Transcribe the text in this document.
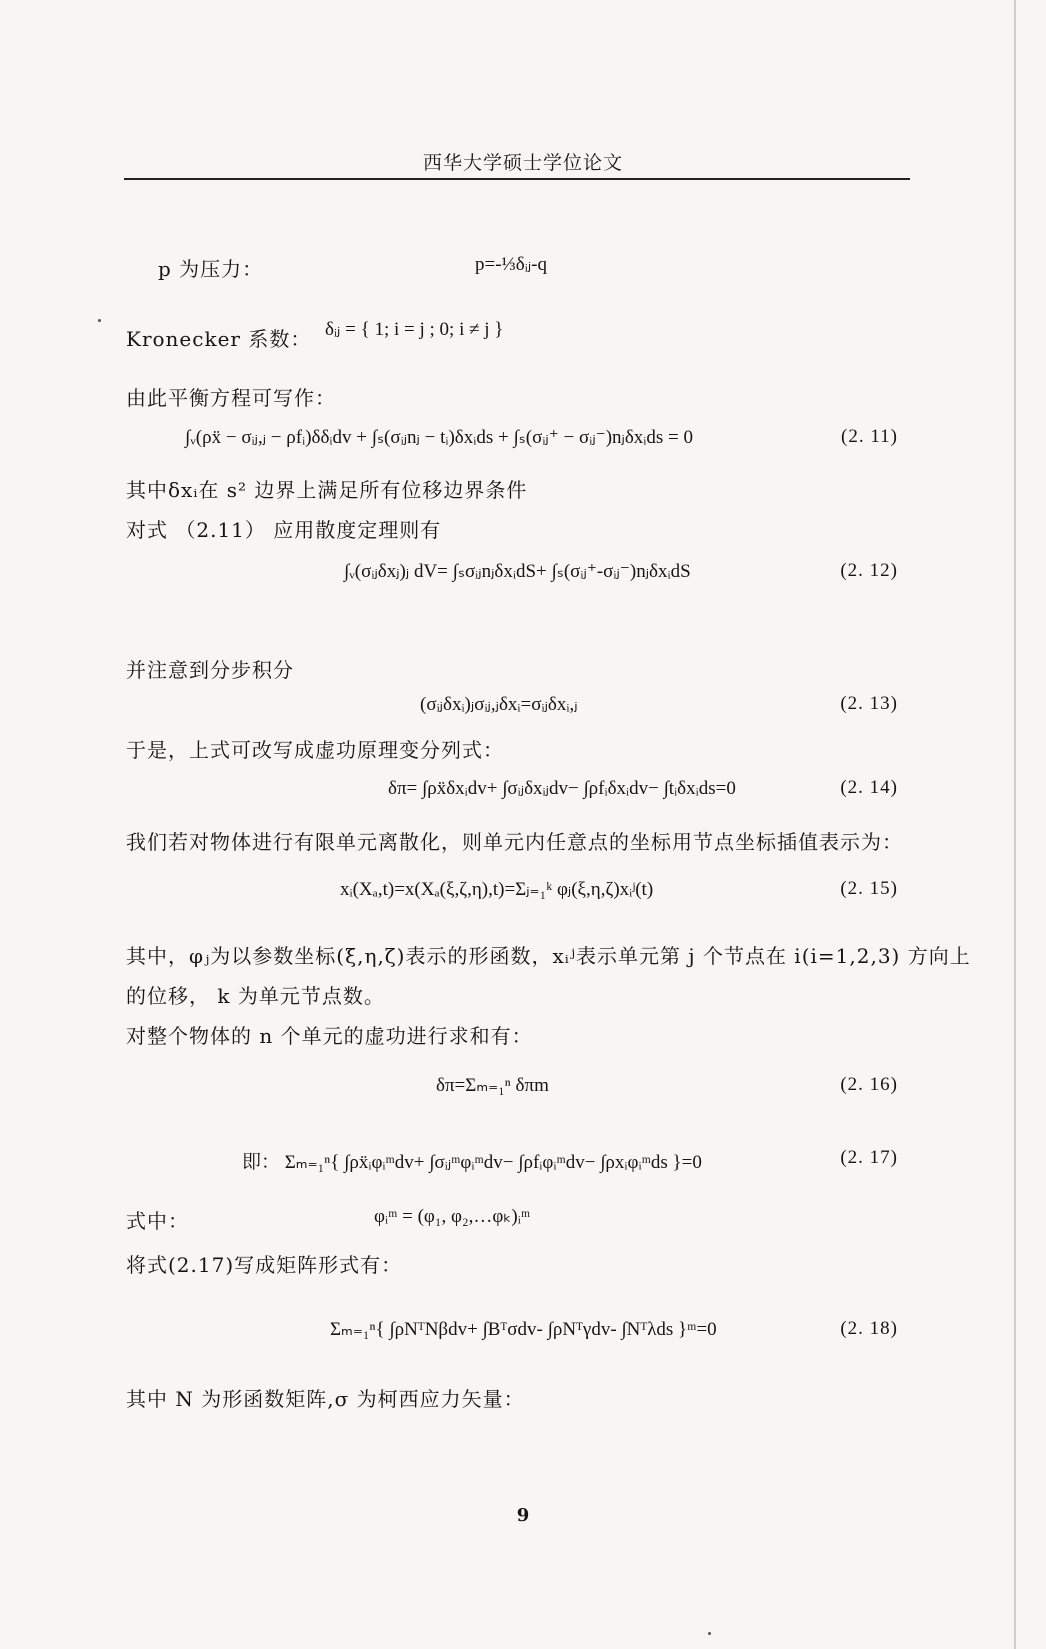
西华大学硕士学位论文
p 为压力：	p=-⅓δᵢⱼ-q
Kronecker 系数： δᵢⱼ = { 1; i = j ; 0; i ≠ j }
由此平衡方程可写作：
∫ᵥ(ρẍ − σᵢⱼ,ⱼ − ρfᵢ)δδᵢdv + ∫ₛ(σᵢⱼnⱼ − tᵢ)δxᵢds + ∫ₛ(σᵢⱼ⁺ − σᵢⱼ⁻)nⱼδxᵢds = 0	(2. 11)
其中δxᵢ在 s² 边界上满足所有位移边界条件
对式 （2.11） 应用散度定理则有
∫ᵥ(σᵢⱼδxⱼ)ⱼ dV= ∫ₛσᵢⱼnⱼδxᵢdS+ ∫ₛ(σᵢⱼ⁺-σᵢⱼ⁻)nⱼδxᵢdS	(2. 12)
并注意到分步积分
(σᵢⱼδxᵢ)ⱼσᵢⱼ,ⱼδxᵢ=σᵢⱼδxᵢ,ⱼ	(2. 13)
于是，上式可改写成虚功原理变分列式：
δπ= ∫ρẍδxᵢdv+ ∫σᵢⱼδxᵢⱼdv− ∫ρfᵢδxᵢdv− ∫tᵢδxᵢds=0	(2. 14)
我们若对物体进行有限单元离散化，则单元内任意点的坐标用节点坐标插值表示为：
xᵢ(Xₐ,t)=x(Xₐ(ξ,ζ,η),t)=Σⱼ₌₁ᵏ φⱼ(ξ,η,ζ)xᵢʲ(t)	(2. 15)
其中，φⱼ为以参数坐标(ξ,η,ζ)表示的形函数，xᵢʲ表示单元第 j 个节点在 i(i=1,2,3) 方向上
的位移， k 为单元节点数。
对整个物体的 n 个单元的虚功进行求和有：
δπ=Σₘ₌₁ⁿ δπm	(2. 16)
即： Σₘ₌₁ⁿ{ ∫ρẍᵢφᵢᵐdv+ ∫σᵢⱼᵐφᵢᵐdv− ∫ρfᵢφᵢᵐdv− ∫ρxᵢφᵢᵐds }=0	(2. 17)
式中：	φᵢᵐ = (φ₁, φ₂,…φₖ)ᵢᵐ
将式(2.17)写成矩阵形式有：
Σₘ₌₁ⁿ{ ∫ρNᵀNβdv+ ∫Bᵀσdv- ∫ρNᵀγdv- ∫Nᵀλds }ᵐ=0	(2. 18)
其中 N 为形函数矩阵,σ 为柯西应力矢量：
9
